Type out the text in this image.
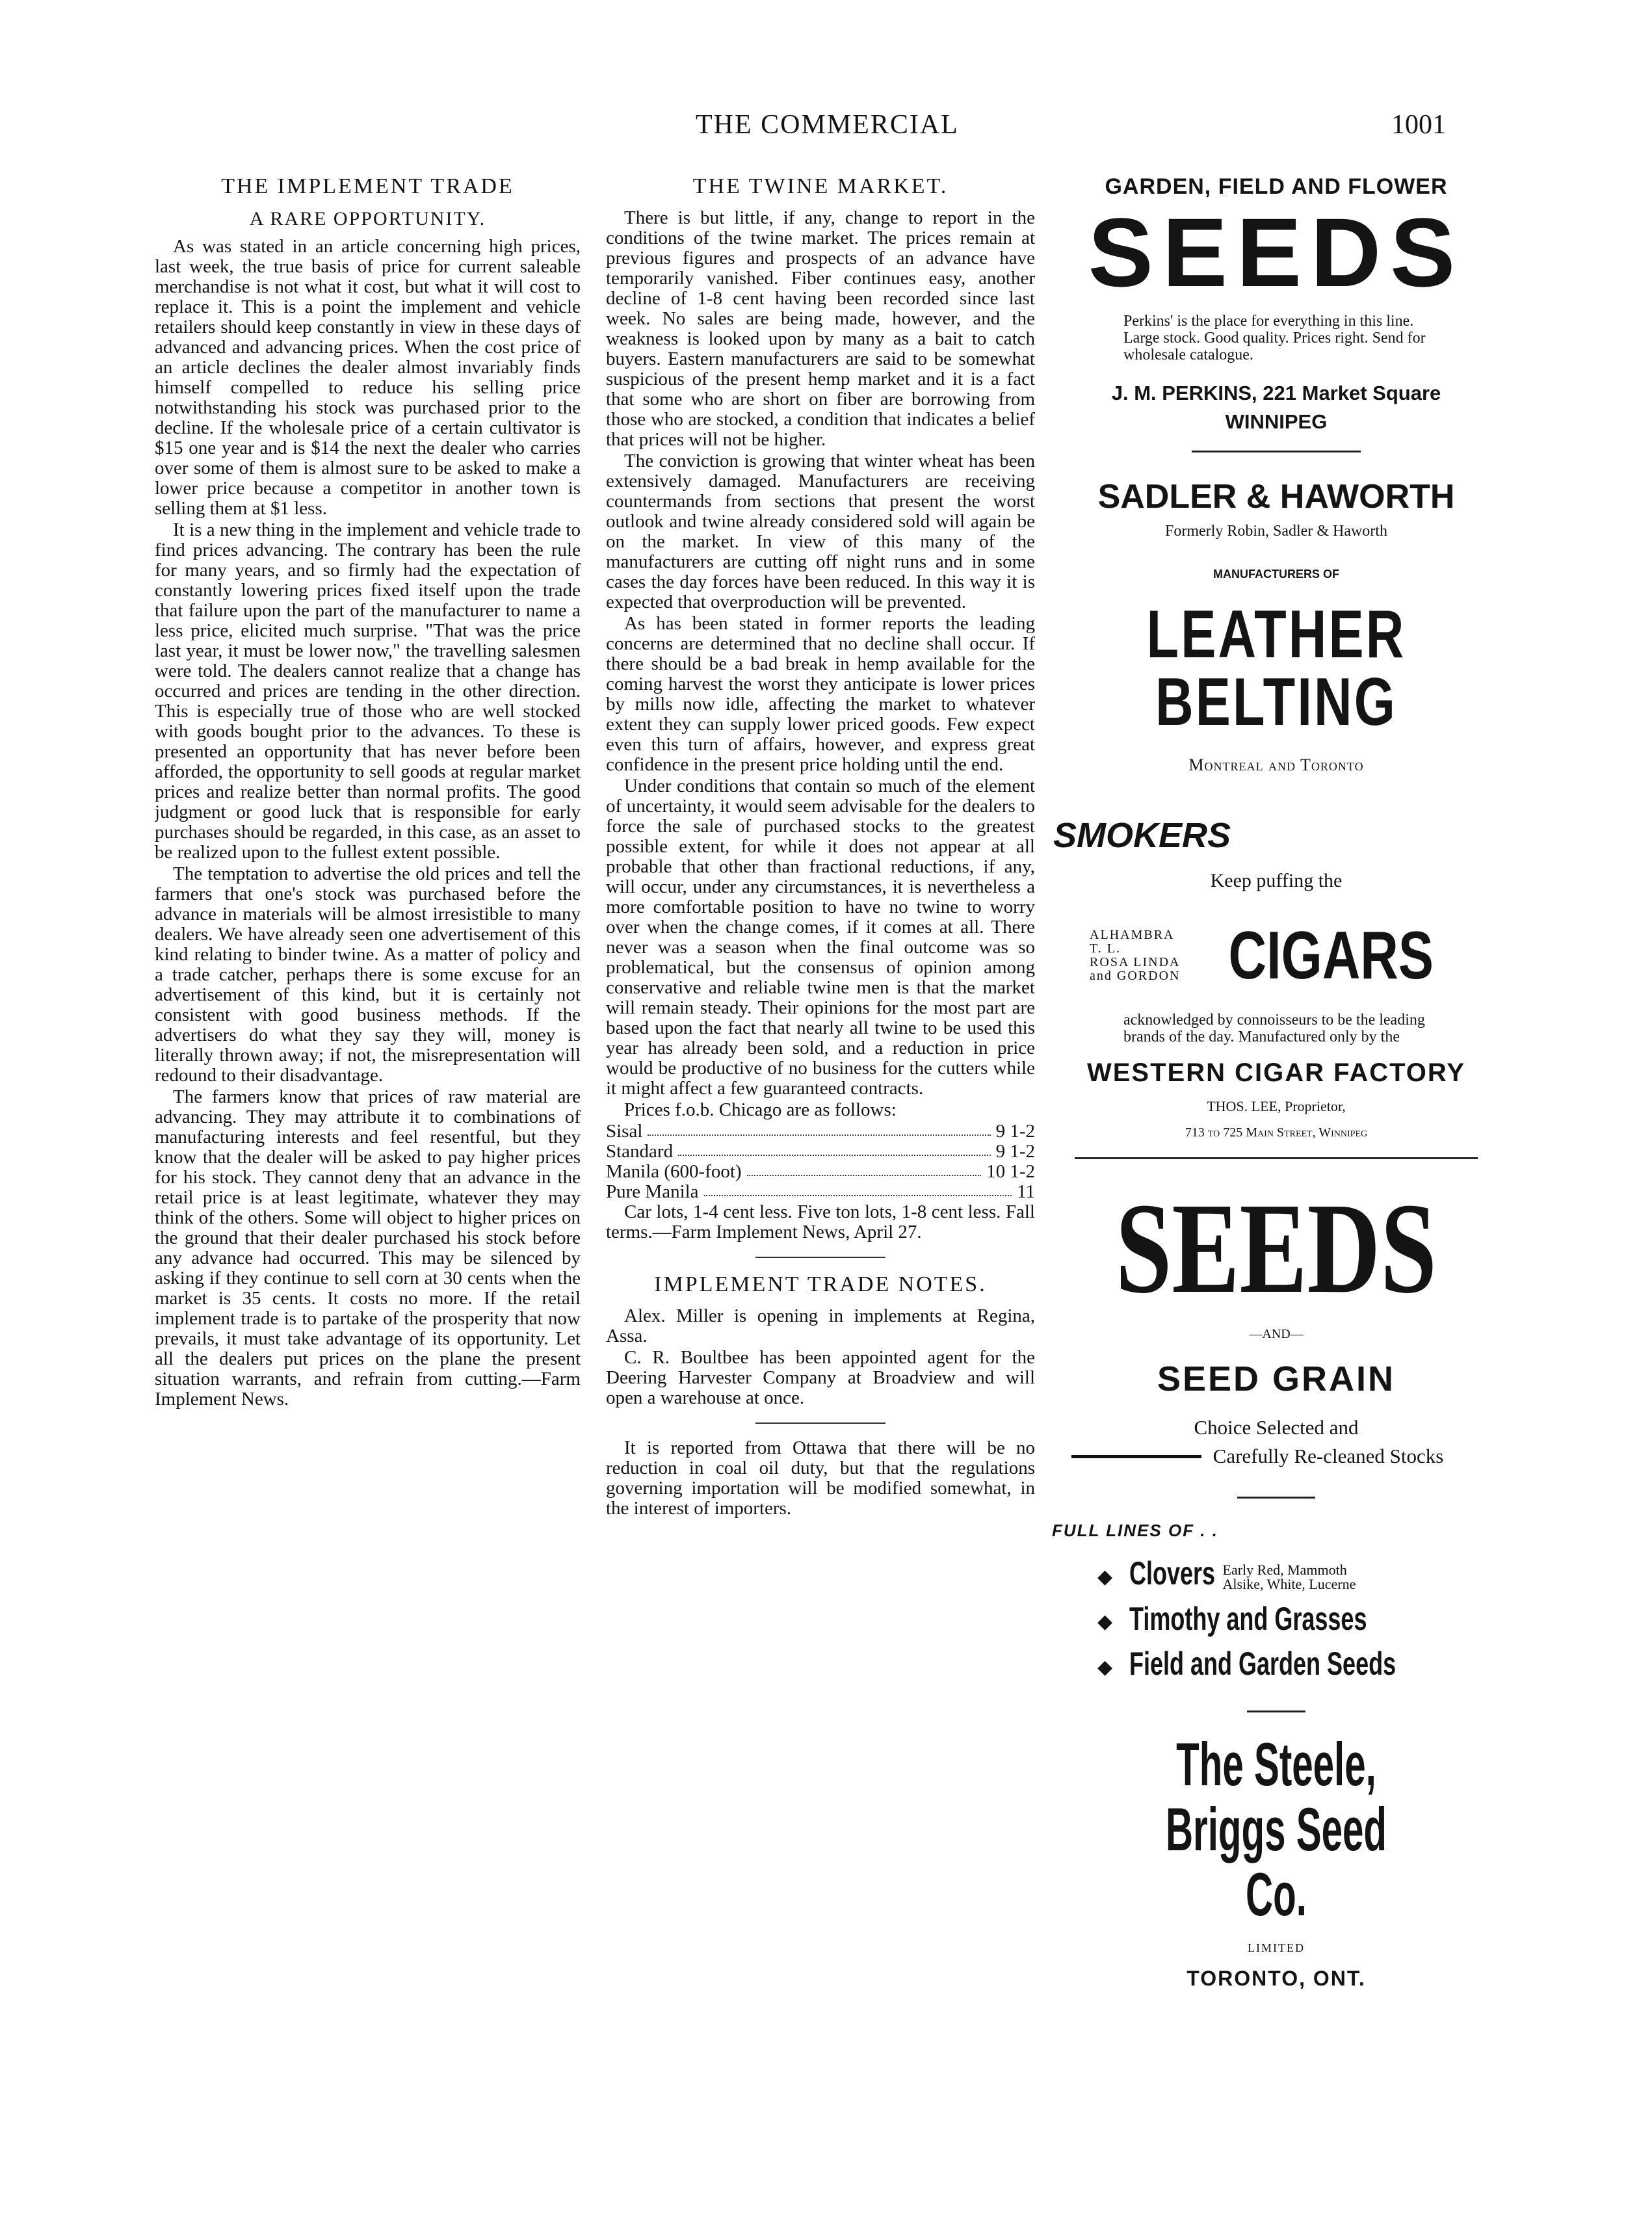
THE COMMERCIAL	1001
THE IMPLEMENT TRADE
A RARE OPPORTUNITY.

As was stated in an article concerning high prices, last week, the true basis of price for current saleable merchandise is not what it cost, but what it will cost to replace it. This is a point the implement and vehicle retailers should keep constantly in view in these days of advanced and advancing prices. When the cost price of an article declines the dealer almost invariably finds himself compelled to reduce his selling price notwithstanding his stock was purchased prior to the decline. If the wholesale price of a certain cultivator is $15 one year and is $14 the next the dealer who carries over some of them is almost sure to be asked to make a lower price because a competitor in another town is selling them at $1 less.

It is a new thing in the implement and vehicle trade to find prices advancing. The contrary has been the rule for many years, and so firmly had the expectation of constantly lowering prices fixed itself upon the trade that failure upon the part of the manufacturer to name a less price, elicited much surprise. "That was the price last year, it must be lower now," the travelling salesmen were told. The dealers cannot realize that a change has occurred and prices are tending in the other direction. This is especially true of those who are well stocked with goods bought prior to the advances. To these is presented an opportunity that has never before been afforded, the opportunity to sell goods at regular market prices and realize better than normal profits. The good judgment or good luck that is responsible for early purchases should be regarded, in this case, as an asset to be realized upon to the fullest extent possible.

The temptation to advertise the old prices and tell the farmers that one's stock was purchased before the advance in materials will be almost irresistible to many dealers. We have already seen one advertisement of this kind relating to binder twine. As a matter of policy and a trade catcher, perhaps there is some excuse for an advertisement of this kind, but it is certainly not consistent with good business methods. If the advertisers do what they say they will, money is literally thrown away; if not, the misrepresentation will redound to their disadvantage.

The farmers know that prices of raw material are advancing. They may attribute it to combinations of manufacturing interests and feel resentful, but they know that the dealer will be asked to pay higher prices for his stock. They cannot deny that an advance in the retail price is at least legitimate, whatever they may think of the others. Some will object to higher prices on the ground that their dealer purchased his stock before any advance had occurred. This may be silenced by asking if they continue to sell corn at 30 cents when the market is 35 cents. It costs no more. If the retail implement trade is to partake of the prosperity that now prevails, it must take advantage of its opportunity. Let all the dealers put prices on the plane the present situation warrants, and refrain from cutting.—Farm Implement News.

THE TWINE MARKET.

There is but little, if any, change to report in the conditions of the twine market. The prices remain at previous figures and prospects of an advance have temporarily vanished. Fiber continues easy, another decline of 1-8 cent having been recorded since last week. No sales are being made, however, and the weakness is looked upon by many as a bait to catch buyers. Eastern manufacturers are said to be somewhat suspicious of the present hemp market and it is a fact that some who are short on fiber are borrowing from those who are stocked, a condition that indicates a belief that prices will not be higher.

The conviction is growing that winter wheat has been extensively damaged. Manufacturers are receiving countermands from sections that present the worst outlook and twine already considered sold will again be on the market. In view of this many of the manufacturers are cutting off night runs and in some cases the day forces have been reduced. In this way it is expected that overproduction will be prevented.

As has been stated in former reports the leading concerns are determined that no decline shall occur. If there should be a bad break in hemp available for the coming harvest the worst they anticipate is lower prices by mills now idle, affecting the market to whatever extent they can supply lower priced goods. Few expect even this turn of affairs, however, and express great confidence in the present price holding until the end.

Under conditions that contain so much of the element of uncertainty, it would seem advisable for the dealers to force the sale of purchased stocks to the greatest possible extent, for while it does not appear at all probable that other than fractional reductions, if any, will occur, under any circumstances, it is nevertheless a more comfortable position to have no twine to worry over when the change comes, if it comes at all. There never was a season when the final outcome was so problematical, but the consensus of opinion among conservative and reliable twine men is that the market will remain steady. Their opinions for the most part are based upon the fact that nearly all twine to be used this year has already been sold, and a reduction in price would be productive of no business for the cutters while it might affect a few guaranteed contracts.

Prices f.o.b. Chicago are as follows:

Sisal	9 1-2
Standard	9 1-2
Manila (600-foot)	10 1-2
Pure Manila	11

Car lots, 1-4 cent less. Five ton lots, 1-8 cent less. Fall terms.—Farm Implement News, April 27.

IMPLEMENT TRADE NOTES.

Alex. Miller is opening in implements at Regina, Assa.

C. R. Boultbee has been appointed agent for the Deering Harvester Company at Broadview and will open a warehouse at once.

It is reported from Ottawa that there will be no reduction in coal oil duty, but that the regulations governing importation will be modified somewhat, in the interest of importers.

GARDEN, FIELD AND FLOWER
SEEDS
Perkins' is the place for everything in this line. Large stock. Good quality. Prices right. Send for wholesale catalogue.
J. M. PERKINS, 221 Market Square
WINNIPEG
SADLER & HAWORTH
Formerly Robin, Sadler & Haworth
MANUFACTURERS OF
LEATHER BELTING
Montreal and Toronto
SMOKERS
Keep puffing the
ALHAMBRA
T. L.
ROSA LINDA
and GORDON CIGARS
acknowledged by connoisseurs to be the leading brands of the day. Manufactured only by the
WESTERN CIGAR FACTORY
THOS. LEE, Proprietor,
713 to 725 Main Street, Winnipeg
SEEDS
—AND—
SEED GRAIN
Choice Selected and
Carefully Re-cleaned Stocks
FULL LINES OF . .
◆ Clovers Early Red, Mammoth
Alsike, White, Lucerne
◆ Timothy and Grasses
◆ Field and Garden Seeds
The Steele, Briggs Seed Co.
LIMITED
TORONTO, ONT.
